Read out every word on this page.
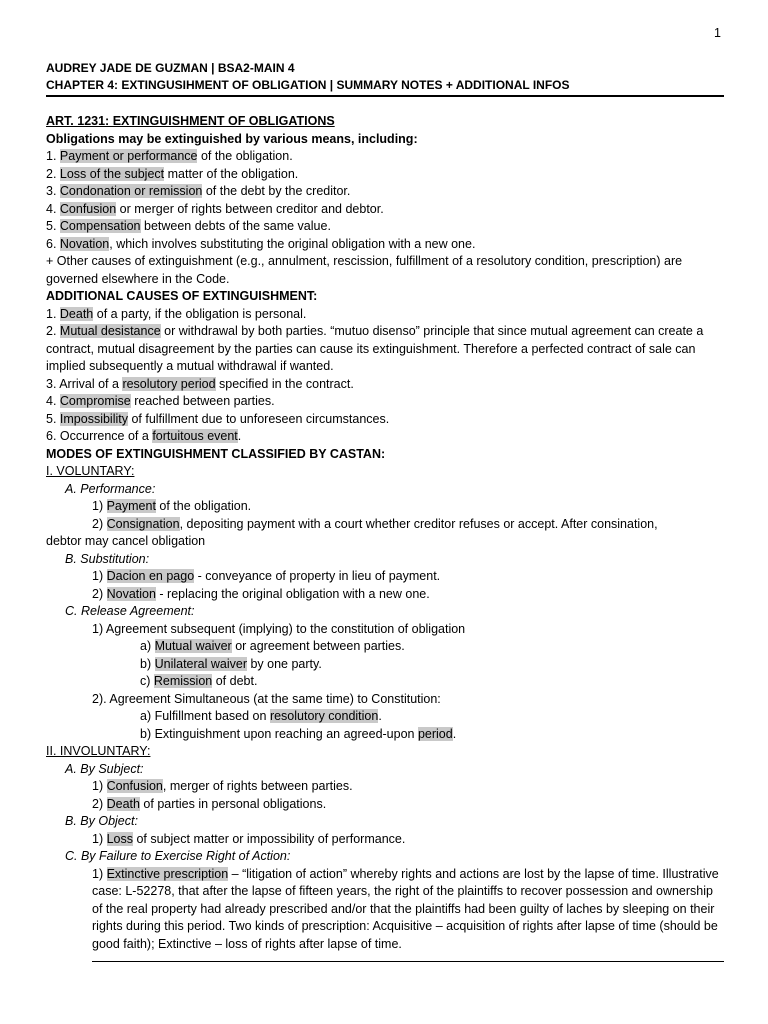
1
AUDREY JADE DE GUZMAN | BSA2-MAIN 4
CHAPTER 4: EXTINGUSIHMENT OF OBLIGATION | SUMMARY NOTES + ADDITIONAL INFOS

ART. 1231: EXTINGUISHMENT OF OBLIGATIONS

Obligations may be extinguished by various means, including:

1. Payment or performance of the obligation.

2. Loss of the subject matter of the obligation.

3. Condonation or remission of the debt by the creditor.

4. Confusion or merger of rights between creditor and debtor.

5. Compensation between debts of the same value.

6. Novation, which involves substituting the original obligation with a new one.

+ Other causes of extinguishment (e.g., annulment, rescission, fulfillment of a resolutory condition, prescription) are governed elsewhere in the Code.

ADDITIONAL CAUSES OF EXTINGUISHMENT:

1. Death of a party, if the obligation is personal.

2. Mutual desistance or withdrawal by both parties. “mutuo disenso” principle that since mutual agreement can create a contract, mutual disagreement by the parties can cause its extinguishment. Therefore a perfected contract of sale can implied subsequently a mutual withdrawal if wanted.

3. Arrival of a resolutory period specified in the contract.

4. Compromise reached between parties.

5. Impossibility of fulfillment due to unforeseen circumstances.

6. Occurrence of a fortuitous event.

MODES OF EXTINGUISHMENT CLASSIFIED BY CASTAN:

I. VOLUNTARY:

A. Performance:

1) Payment of the obligation.

2) Consignation, depositing payment with a court whether creditor refuses or accept. After consination,

debtor may cancel obligation

B. Substitution:

1) Dacion en pago - conveyance of property in lieu of payment.

2) Novation - replacing the original obligation with a new one.

C. Release Agreement:

1) Agreement subsequent (implying) to the constitution of obligation

a) Mutual waiver or agreement between parties.

b) Unilateral waiver by one party.

c) Remission of debt.

2). Agreement Simultaneous (at the same time) to Constitution:

a) Fulfillment based on resolutory condition.

b) Extinguishment upon reaching an agreed-upon period.

II. INVOLUNTARY:

A. By Subject:

1) Confusion, merger of rights between parties.

2) Death of parties in personal obligations.

B. By Object:

1) Loss of subject matter or impossibility of performance.

C. By Failure to Exercise Right of Action:

1) Extinctive prescription – “litigation of action” whereby rights and actions are lost by the lapse of time. Illustrative case: L-52278, that after the lapse of fifteen years, the right of the plaintiffs to recover possession and ownership of the real property had already prescribed and/or that the plaintiffs had been guilty of laches by sleeping on their rights during this period. Two kinds of prescription: Acquisitive – acquisition of rights after lapse of time (should be good faith); Extinctive – loss of rights after lapse of time.
